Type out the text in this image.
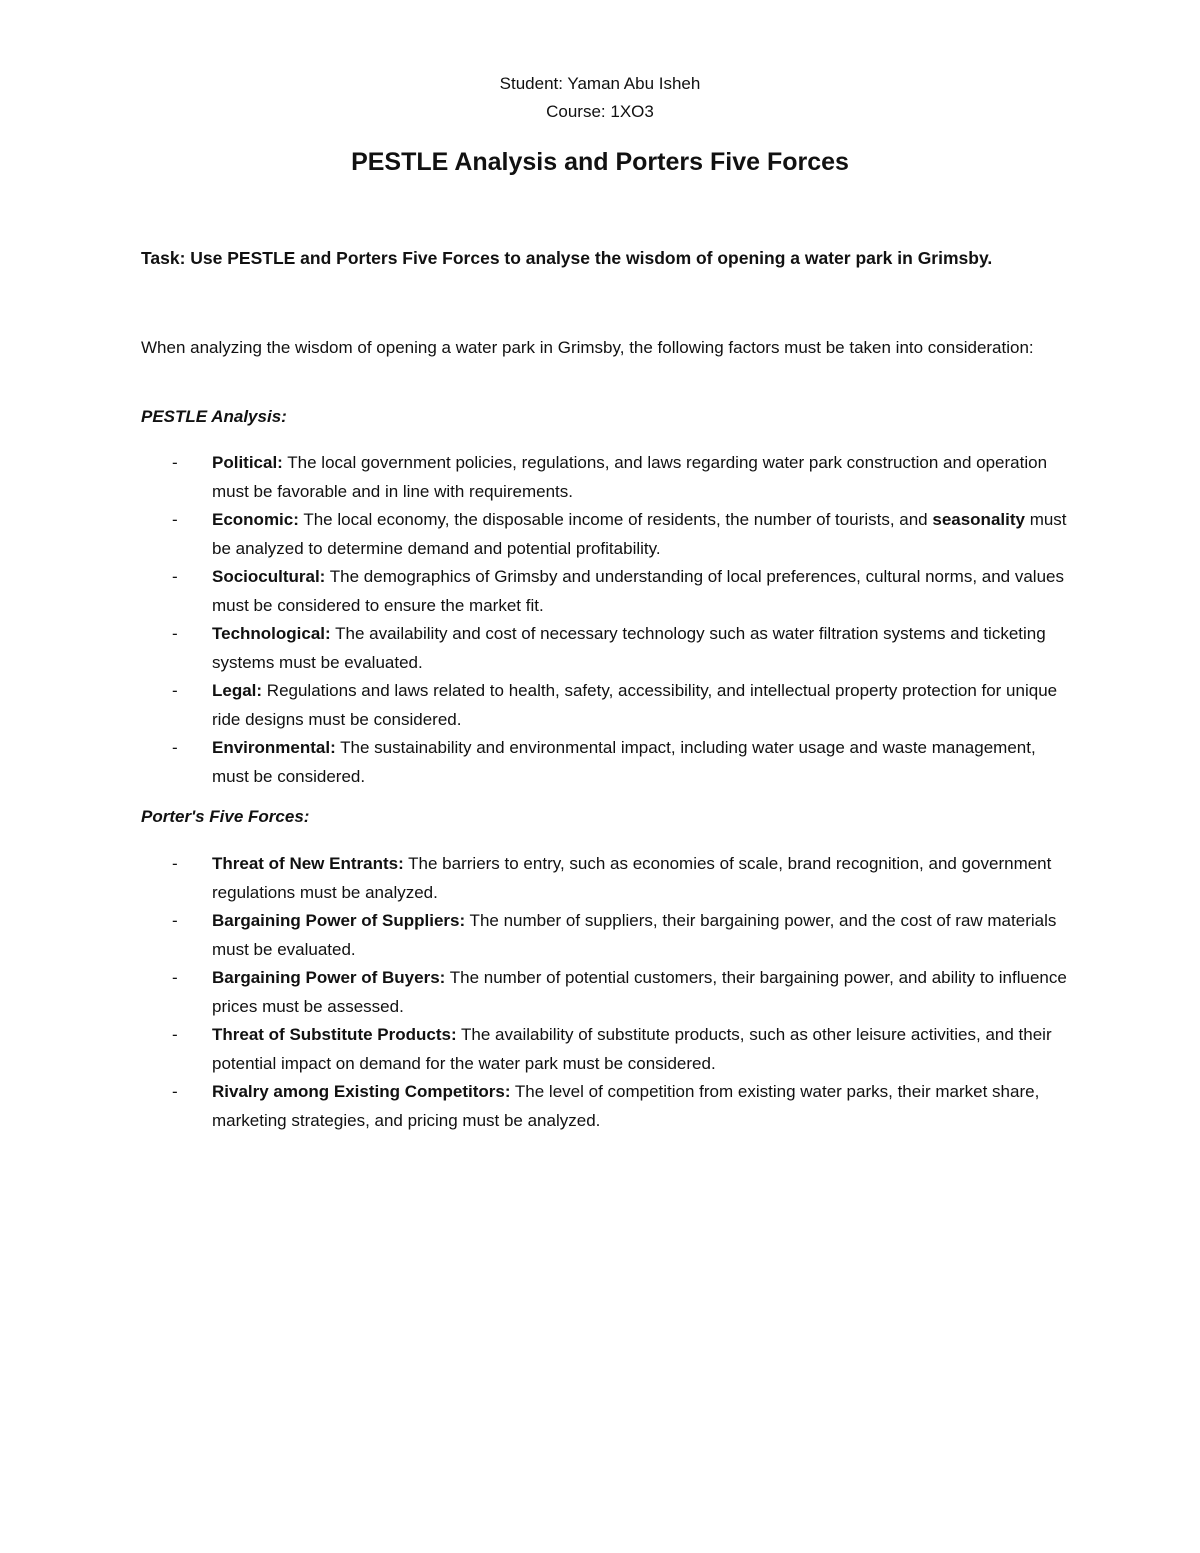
Student: Yaman Abu Isheh
Course: 1XO3
PESTLE Analysis and Porters Five Forces
Task: Use PESTLE and Porters Five Forces to analyse the wisdom of opening a water park in Grimsby.
When analyzing the wisdom of opening a water park in Grimsby, the following factors must be taken into consideration:
PESTLE Analysis:
- Political: The local government policies, regulations, and laws regarding water park construction and operation must be favorable and in line with requirements.
- Economic: The local economy, the disposable income of residents, the number of tourists, and seasonality must be analyzed to determine demand and potential profitability.
- Sociocultural: The demographics of Grimsby and understanding of local preferences, cultural norms, and values must be considered to ensure the market fit.
- Technological: The availability and cost of necessary technology such as water filtration systems and ticketing systems must be evaluated.
- Legal: Regulations and laws related to health, safety, accessibility, and intellectual property protection for unique ride designs must be considered.
- Environmental: The sustainability and environmental impact, including water usage and waste management, must be considered.
Porter's Five Forces:
- Threat of New Entrants: The barriers to entry, such as economies of scale, brand recognition, and government regulations must be analyzed.
- Bargaining Power of Suppliers: The number of suppliers, their bargaining power, and the cost of raw materials must be evaluated.
- Bargaining Power of Buyers: The number of potential customers, their bargaining power, and ability to influence prices must be assessed.
- Threat of Substitute Products: The availability of substitute products, such as other leisure activities, and their potential impact on demand for the water park must be considered.
- Rivalry among Existing Competitors: The level of competition from existing water parks, their market share, marketing strategies, and pricing must be analyzed.
